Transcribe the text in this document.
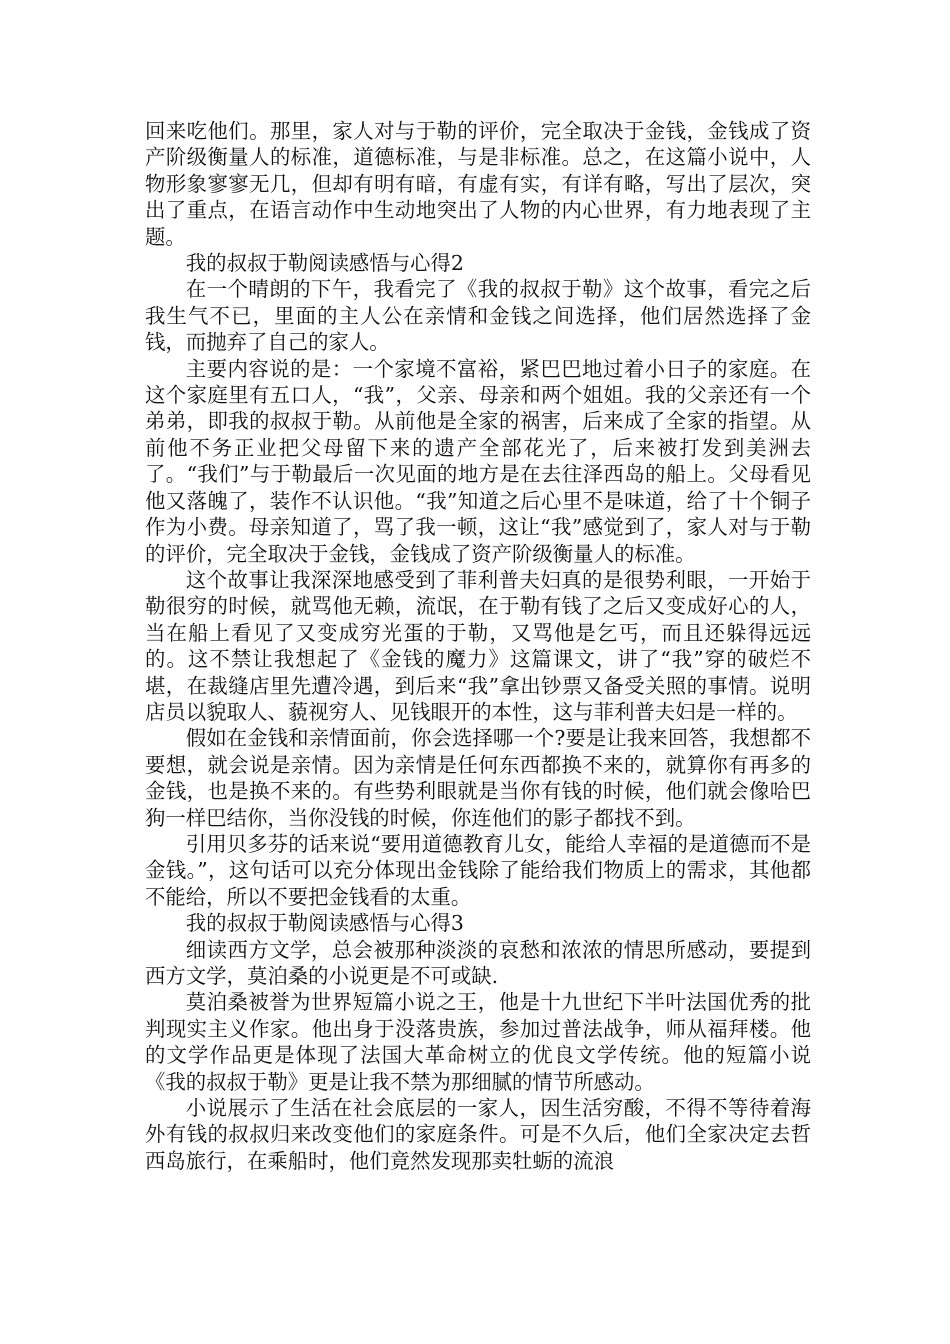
回来吃他们。那里，家人对与于勒的评价，完全取决于金钱，金钱成了资产阶级衡量人的标准，道德标准，与是非标准。总之，在这篇小说中，人物形象寥寥无几，但却有明有暗，有虚有实，有详有略，写出了层次，突出了重点，在语言动作中生动地突出了人物的内心世界，有力地表现了主题。

我的叔叔于勒阅读感悟与心得2

在一个晴朗的下午，我看完了《我的叔叔于勒》这个故事，看完之后我生气不已，里面的主人公在亲情和金钱之间选择，他们居然选择了金钱，而抛弃了自己的家人。

主要内容说的是：一个家境不富裕，紧巴巴地过着小日子的家庭。在这个家庭里有五口人，“我”，父亲、母亲和两个姐姐。我的父亲还有一个弟弟，即我的叔叔于勒。从前他是全家的祸害，后来成了全家的指望。从前他不务正业把父母留下来的遗产全部花光了，后来被打发到美洲去了。“我们”与于勒最后一次见面的地方是在去往泽西岛的船上。父母看见他又落魄了，装作不认识他。“我”知道之后心里不是味道，给了十个铜子作为小费。母亲知道了，骂了我一顿，这让“我”感觉到了，家人对与于勒的评价，完全取决于金钱，金钱成了资产阶级衡量人的标准。

这个故事让我深深地感受到了菲利普夫妇真的是很势利眼，一开始于勒很穷的时候，就骂他无赖，流氓，在于勒有钱了之后又变成好心的人，当在船上看见了又变成穷光蛋的于勒，又骂他是乞丐，而且还躲得远远的。这不禁让我想起了《金钱的魔力》这篇课文，讲了“我”穿的破烂不堪，在裁缝店里先遭冷遇，到后来“我”拿出钞票又备受关照的事情。说明店员以貌取人、藐视穷人、见钱眼开的本性，这与菲利普夫妇是一样的。

假如在金钱和亲情面前，你会选择哪一个?要是让我来回答，我想都不要想，就会说是亲情。因为亲情是任何东西都换不来的，就算你有再多的金钱，也是换不来的。有些势利眼就是当你有钱的时候，他们就会像哈巴狗一样巴结你，当你没钱的时候，你连他们的影子都找不到。

引用贝多芬的话来说“要用道德教育儿女，能给人幸福的是道德而不是金钱。”，这句话可以充分体现出金钱除了能给我们物质上的需求，其他都不能给，所以不要把金钱看的太重。

我的叔叔于勒阅读感悟与心得3

细读西方文学，总会被那种淡淡的哀愁和浓浓的情思所感动，要提到西方文学，莫泊桑的小说更是不可或缺.

莫泊桑被誉为世界短篇小说之王，他是十九世纪下半叶法国优秀的批判现实主义作家。他出身于没落贵族，参加过普法战争，师从福拜楼。他的文学作品更是体现了法国大革命树立的优良文学传统。他的短篇小说《我的叔叔于勒》更是让我不禁为那细腻的情节所感动。

小说展示了生活在社会底层的一家人，因生活穷酸，不得不等待着海外有钱的叔叔归来改变他们的家庭条件。可是不久后，他们全家决定去哲西岛旅行，在乘船时，他们竟然发现那卖牡蛎的流浪
